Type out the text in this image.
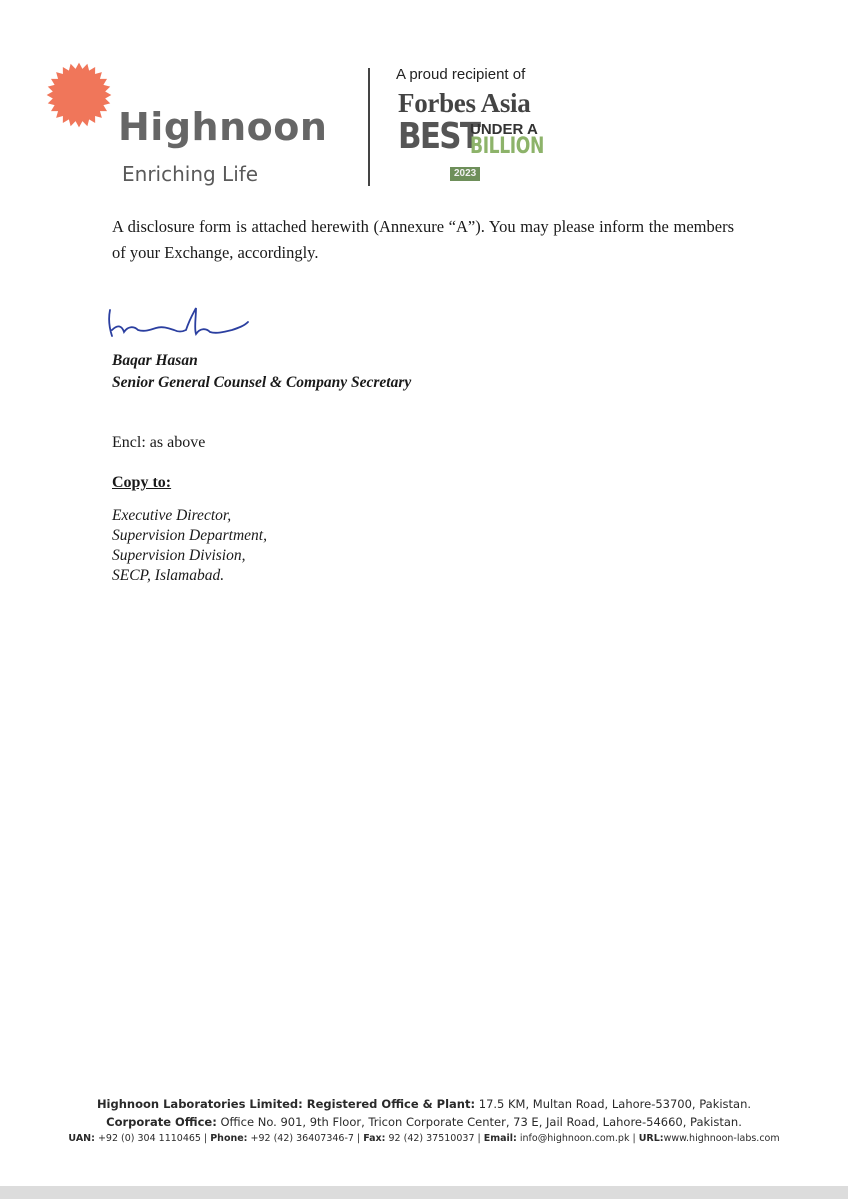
Highnoon
Enriching Life
A proud recipient of
Forbes Asia
BEST
UNDER A
BILLION
2023
A disclosure form is attached herewith (Annexure “A”). You may please inform the members of your Exchange, accordingly.
Baqar Hasan
Senior General Counsel & Company Secretary
Encl: as above
Copy to:
Executive Director,
Supervision Department,
Supervision Division,
SECP, Islamabad.
Highnoon Laboratories Limited: Registered Office & Plant: 17.5 KM, Multan Road, Lahore-53700, Pakistan.
Corporate Office: Office No. 901, 9th Floor, Tricon Corporate Center, 73 E, Jail Road, Lahore-54660, Pakistan.
UAN: +92 (0) 304 1110465 | Phone: +92 (42) 36407346-7 | Fax: 92 (42) 37510037 | Email: info@highnoon.com.pk | URL:www.highnoon-labs.com
